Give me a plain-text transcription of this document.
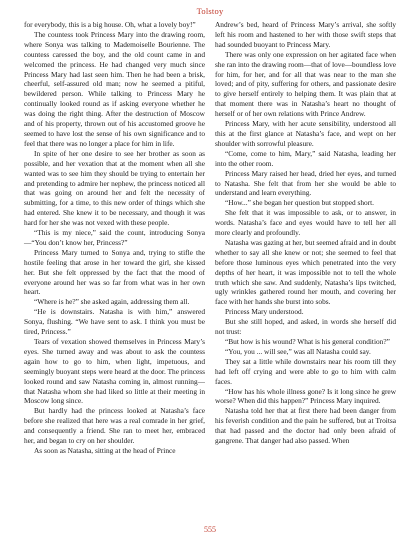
Tolstoy

for everybody, this is a big house. Oh, what a lovely boy!”

The countess took Princess Mary into the drawing room, where Sonya was talking to Mademoiselle Bourienne. The countess caressed the boy, and the old count came in and welcomed the princess. He had changed very much since Princess Mary had last seen him. Then he had been a brisk, cheerful, self-assured old man; now he seemed a pitiful, bewildered person. While talking to Princess Mary he continually looked round as if asking everyone whether he was doing the right thing. After the destruction of Moscow and of his property, thrown out of his accustomed groove he seemed to have lost the sense of his own significance and to feel that there was no longer a place for him in life.

In spite of her one desire to see her brother as soon as possible, and her vexation that at the moment when all she wanted was to see him they should be trying to entertain her and pretending to admire her nephew, the princess noticed all that was going on around her and felt the necessity of submitting, for a time, to this new order of things which she had entered. She knew it to be necessary, and though it was hard for her she was not vexed with these people.

“This is my niece,” said the count, introducing Sonya—“You don’t know her, Princess?”

Princess Mary turned to Sonya and, trying to stifle the hostile feeling that arose in her toward the girl, she kissed her. But she felt oppressed by the fact that the mood of everyone around her was so far from what was in her own heart.

“Where is he?” she asked again, addressing them all.

“He is downstairs. Natasha is with him,” answered Sonya, flushing. “We have sent to ask. I think you must be tired, Princess.”

Tears of vexation showed themselves in Princess Mary’s eyes. She turned away and was about to ask the countess again how to go to him, when light, impetuous, and seemingly buoyant steps were heard at the door. The princess looked round and saw Natasha coming in, almost running—that Natasha whom she had liked so little at their meeting in Moscow long since.

But hardly had the princess looked at Natasha’s face before she realized that here was a real comrade in her grief, and consequently a friend. She ran to meet her, embraced her, and began to cry on her shoulder.

As soon as Natasha, sitting at the head of Prince

Andrew’s bed, heard of Princess Mary’s arrival, she softly left his room and hastened to her with those swift steps that had sounded buoyant to Princess Mary.

There was only one expression on her agitated face when she ran into the drawing room—that of love—boundless love for him, for her, and for all that was near to the man she loved; and of pity, suffering for others, and passionate desire to give herself entirely to helping them. It was plain that at that moment there was in Natasha’s heart no thought of herself or of her own relations with Prince Andrew.

Princess Mary, with her acute sensibility, understood all this at the first glance at Natasha’s face, and wept on her shoulder with sorrowful pleasure.

“Come, come to him, Mary,” said Natasha, leading her into the other room.

Princess Mary raised her head, dried her eyes, and turned to Natasha. She felt that from her she would be able to understand and learn everything.

“How...” she began her question but stopped short.

She felt that it was impossible to ask, or to answer, in words. Natasha’s face and eyes would have to tell her all more clearly and profoundly.

Natasha was gazing at her, but seemed afraid and in doubt whether to say all she knew or not; she seemed to feel that before those luminous eyes which penetrated into the very depths of her heart, it was impossible not to tell the whole truth which she saw. And suddenly, Natasha’s lips twitched, ugly wrinkles gathered round her mouth, and covering her face with her hands she burst into sobs.

Princess Mary understood.

But she still hoped, and asked, in words she herself did not trust:

“But how is his wound? What is his general condition?”

“You, you ... will see,” was all Natasha could say.

They sat a little while downstairs near his room till they had left off crying and were able to go to him with calm faces.

“How has his whole illness gone? Is it long since he grew worse? When did this happen?” Princess Mary inquired.

Natasha told her that at first there had been danger from his feverish condition and the pain he suffered, but at Troitsa that had passed and the doctor had only been afraid of gangrene. That danger had also passed. When

555
